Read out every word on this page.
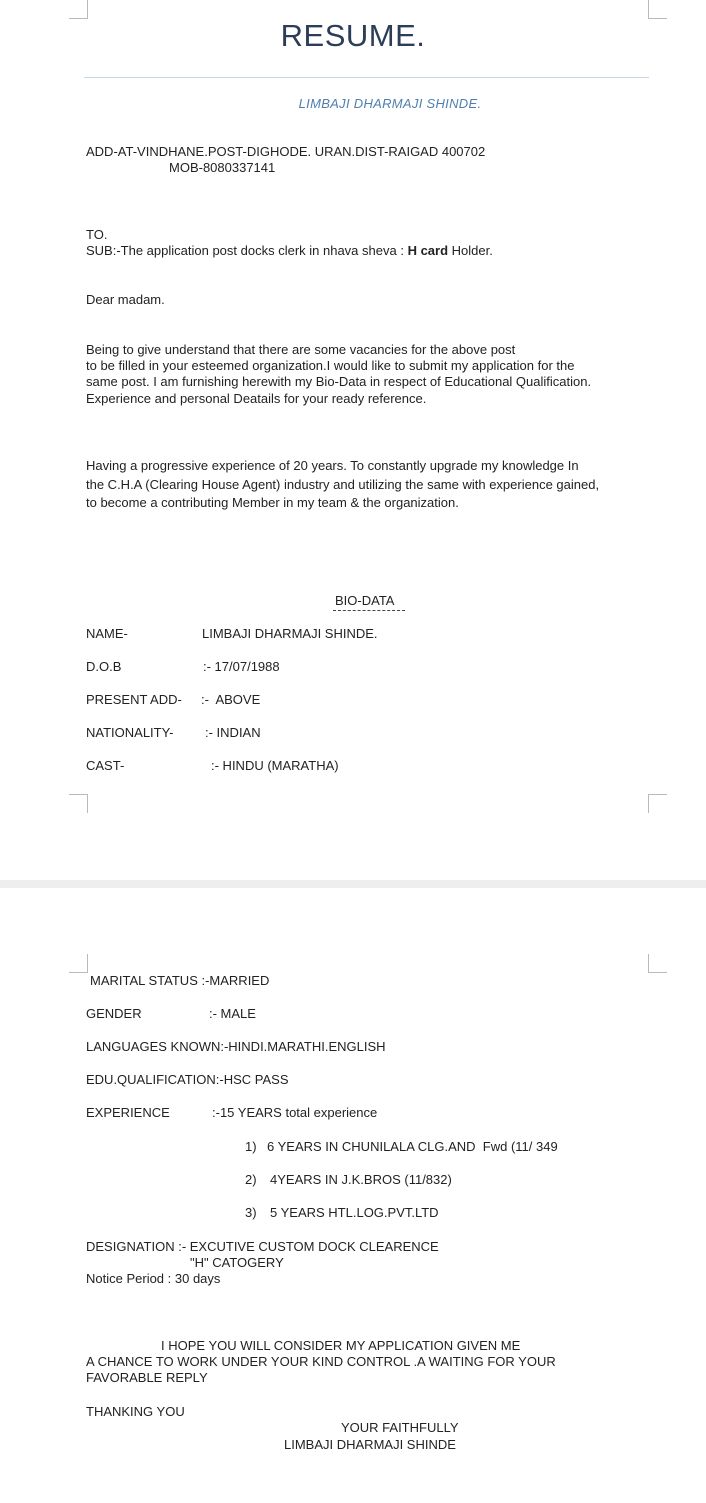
RESUME.
LIMBAJI DHARMAJI SHINDE.
ADD-AT-VINDHANE.POST-DIGHODE. URAN.DIST-RAIGAD 400702
MOB-8080337141
TO.
SUB:-The application post docks clerk in nhava sheva : H card Holder.
Dear madam.
Being to give understand that there are some vacancies for the above post
to be filled in your esteemed organization.I would like to submit my application for the
same post. I am furnishing herewith my Bio-Data in respect of Educational Qualification.
Experience and personal Deatails for your ready reference.
Having a progressive experience of 20 years. To constantly upgrade my knowledge In
the C.H.A (Clearing House Agent) industry and utilizing the same with experience gained,
to become a contributing Member in my team & the organization.
BIO-DATA
NAME-	LIMBAJI DHARMAJI SHINDE.
D.O.B	:- 17/07/1988
PRESENT ADD- :-  ABOVE
NATIONALITY- :- INDIAN
CAST-	:- HINDU (MARATHA)
MARITAL STATUS :-MARRIED
GENDER	:- MALE
LANGUAGES KNOWN:-HINDI.MARATHI.ENGLISH
EDU.QUALIFICATION:-HSC PASS
EXPERIENCE	:-15 YEARS total experience
1) 6 YEARS IN CHUNILALA CLG.AND  Fwd (11/ 349
2) 4YEARS IN J.K.BROS (11/832)
3) 5 YEARS HTL.LOG.PVT.LTD
DESIGNATION :- EXCUTIVE CUSTOM DOCK CLEARENCE
"H" CATOGERY
Notice Period : 30 days
I HOPE YOU WILL CONSIDER MY APPLICATION GIVEN ME
A CHANCE TO WORK UNDER YOUR KIND CONTROL .A WAITING FOR YOUR
FAVORABLE REPLY
THANKING YOU
YOUR FAITHFULLY
LIMBAJI DHARMAJI SHINDE
